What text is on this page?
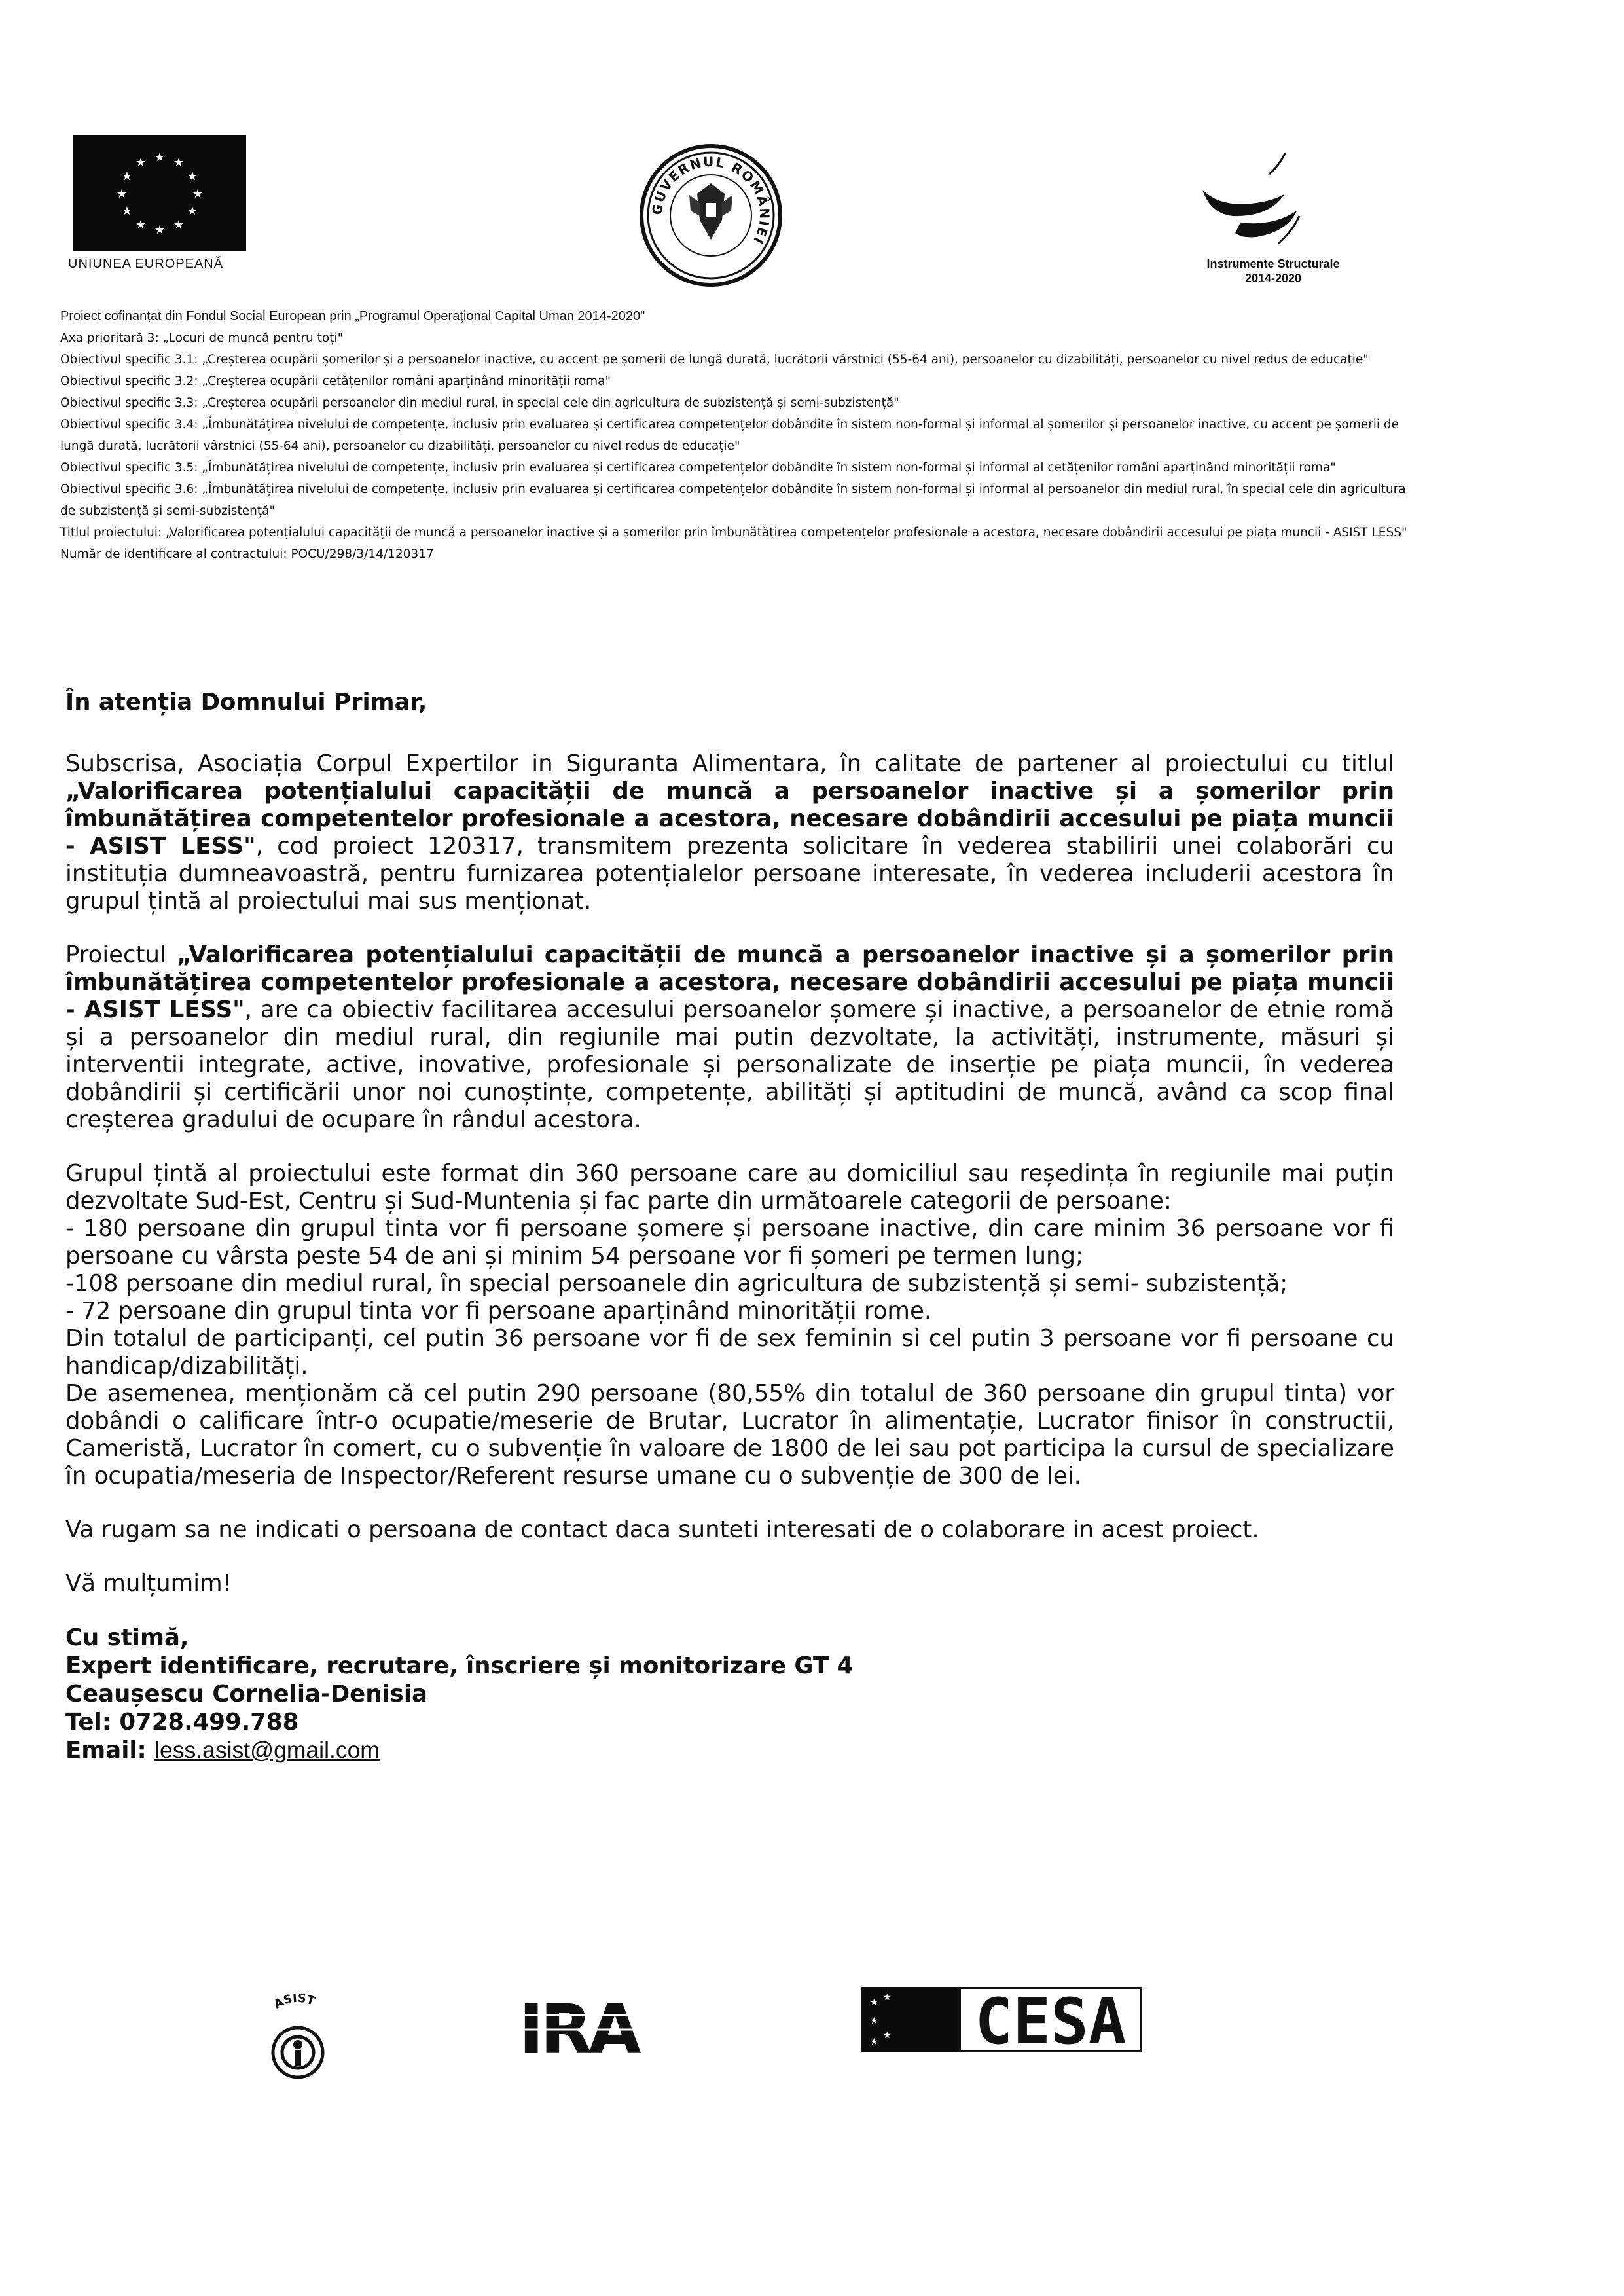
★ ★
★
★
★
★
★
★
★
★
★
★
UNIUNEA EUROPEANĂ
GUVERNUL ROMÂNIEI
Instrumente Structurale
2014-2020
Proiect cofinanțat din Fondul Social European prin „Programul Operațional Capital Uman 2014-2020"
Axa prioritară 3: „Locuri de muncă pentru toți"
Obiectivul specific 3.1: „Creșterea ocupării șomerilor și a persoanelor inactive, cu accent pe șomerii de lungă durată, lucrătorii vârstnici (55-64 ani), persoanelor cu dizabilități, persoanelor cu nivel redus de educație"
Obiectivul specific 3.2: „Creșterea ocupării cetățenilor români aparținând minorității roma"
Obiectivul specific 3.3: „Creșterea ocupării persoanelor din mediul rural, în special cele din agricultura de subzistență și semi-subzistență"
Obiectivul specific 3.4: „Îmbunătățirea nivelului de competențe, inclusiv prin evaluarea și certificarea competențelor dobândite în sistem non-formal și informal al șomerilor și persoanelor inactive, cu accent pe șomerii de lungă durată, lucrătorii vârstnici (55-64 ani), persoanelor cu dizabilități, persoanelor cu nivel redus de educație"
Obiectivul specific 3.5: „Îmbunătățirea nivelului de competențe, inclusiv prin evaluarea și certificarea competențelor dobândite în sistem non-formal și informal al cetățenilor români aparținând minorității roma"
Obiectivul specific 3.6: „Îmbunătățirea nivelului de competențe, inclusiv prin evaluarea și certificarea competențelor dobândite în sistem non-formal și informal al persoanelor din mediul rural, în special cele din agricultura de subzistență și semi-subzistență"
Titlul proiectului: „Valorificarea potențialului capacității de muncă a persoanelor inactive și a șomerilor prin îmbunătățirea competențelor profesionale a acestora, necesare dobândirii accesului pe piața muncii - ASIST LESS"
Număr de identificare al contractului: POCU/298/3/14/120317
În atenția Domnului Primar,
Subscrisa, Asociația Corpul Expertilor in Siguranta Alimentara, în calitate de partener al proiectului cu titlul „Valorificarea potențialului capacității de muncă a persoanelor inactive și a șomerilor prin îmbunătățirea competentelor profesionale a acestora, necesare dobândirii accesului pe piața muncii - ASIST LESS", cod proiect 120317, transmitem prezenta solicitare în vederea stabilirii unei colaborări cu instituția dumneavoastră, pentru furnizarea potențialelor persoane interesate, în vederea includerii acestora în grupul țintă al proiectului mai sus menționat.
Proiectul „Valorificarea potențialului capacității de muncă a persoanelor inactive și a șomerilor prin îmbunătățirea competentelor profesionale a acestora, necesare dobândirii accesului pe piața muncii - ASIST LESS", are ca obiectiv facilitarea accesului persoanelor șomere și inactive, a persoanelor de etnie romă și a persoanelor din mediul rural, din regiunile mai putin dezvoltate, la activități, instrumente, măsuri și interventii integrate, active, inovative, profesionale și personalizate de inserție pe piața muncii, în vederea dobândirii și certificării unor noi cunoștințe, competențe, abilități și aptitudini de muncă, având ca scop final creșterea gradului de ocupare în rândul acestora.

Grupul țintă al proiectului este format din 360 persoane care au domiciliul sau reședința în regiunile mai puțin dezvoltate Sud-Est, Centru și Sud-Muntenia și fac parte din următoarele categorii de persoane:

- 180 persoane din grupul tinta vor fi persoane șomere și persoane inactive, din care minim 36 persoane vor fi persoane cu vârsta peste 54 de ani și minim 54 persoane vor fi șomeri pe termen lung;

-108 persoane din mediul rural, în special persoanele din agricultura de subzistență și semi- subzistență;

- 72 persoane din grupul tinta vor fi persoane aparținând minorității rome.

Din totalul de participanți, cel putin 36 persoane vor fi de sex feminin si cel putin 3 persoane vor fi persoane cu handicap/dizabilități.

De asemenea, menționăm că cel putin 290 persoane (80,55% din totalul de 360 persoane din grupul tinta) vor dobândi o calificare într-o ocupatie/meserie de Brutar, Lucrator în alimentație, Lucrator finisor în constructii, Cameristă, Lucrator în comert, cu o subvenție în valoare de 1800 de lei sau pot participa la cursul de specializare în ocupatia/meseria de Inspector/Referent resurse umane cu o subvenție de 300 de lei.

Va rugam sa ne indicati o persoana de contact daca sunteti interesati de o colaborare in acest proiect.
Vă mulțumim!
Cu stimă,
Expert identificare, recrutare, înscriere și monitorizare GT 4
Ceaușescu Cornelia-Denisia
Tel: 0728.499.788
Email: less.asist@gmail.com
ASIST	IRA	★ ★
★
★
★ CESA
